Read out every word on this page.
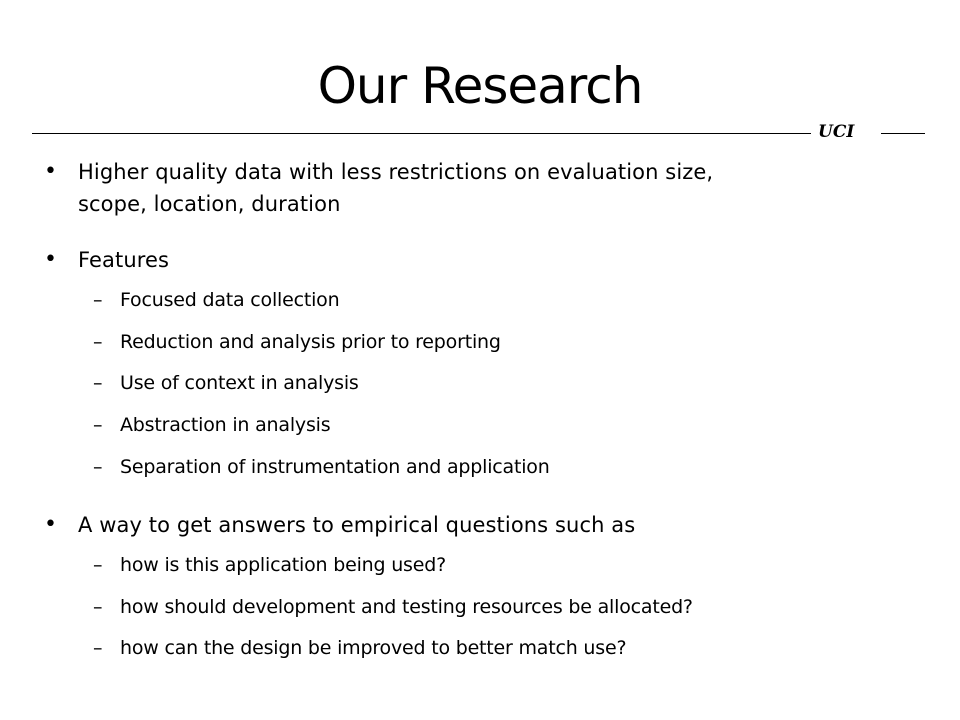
Our Research
UCI
• Higher quality data with less restrictions on evaluation size,
scope, location, duration
• Features
– Focused data collection
– Reduction and analysis prior to reporting
– Use of context in analysis
– Abstraction in analysis
– Separation of instrumentation and application
• A way to get answers to empirical questions such as
– how is this application being used?
– how should development and testing resources be allocated?
– how can the design be improved to better match use?
